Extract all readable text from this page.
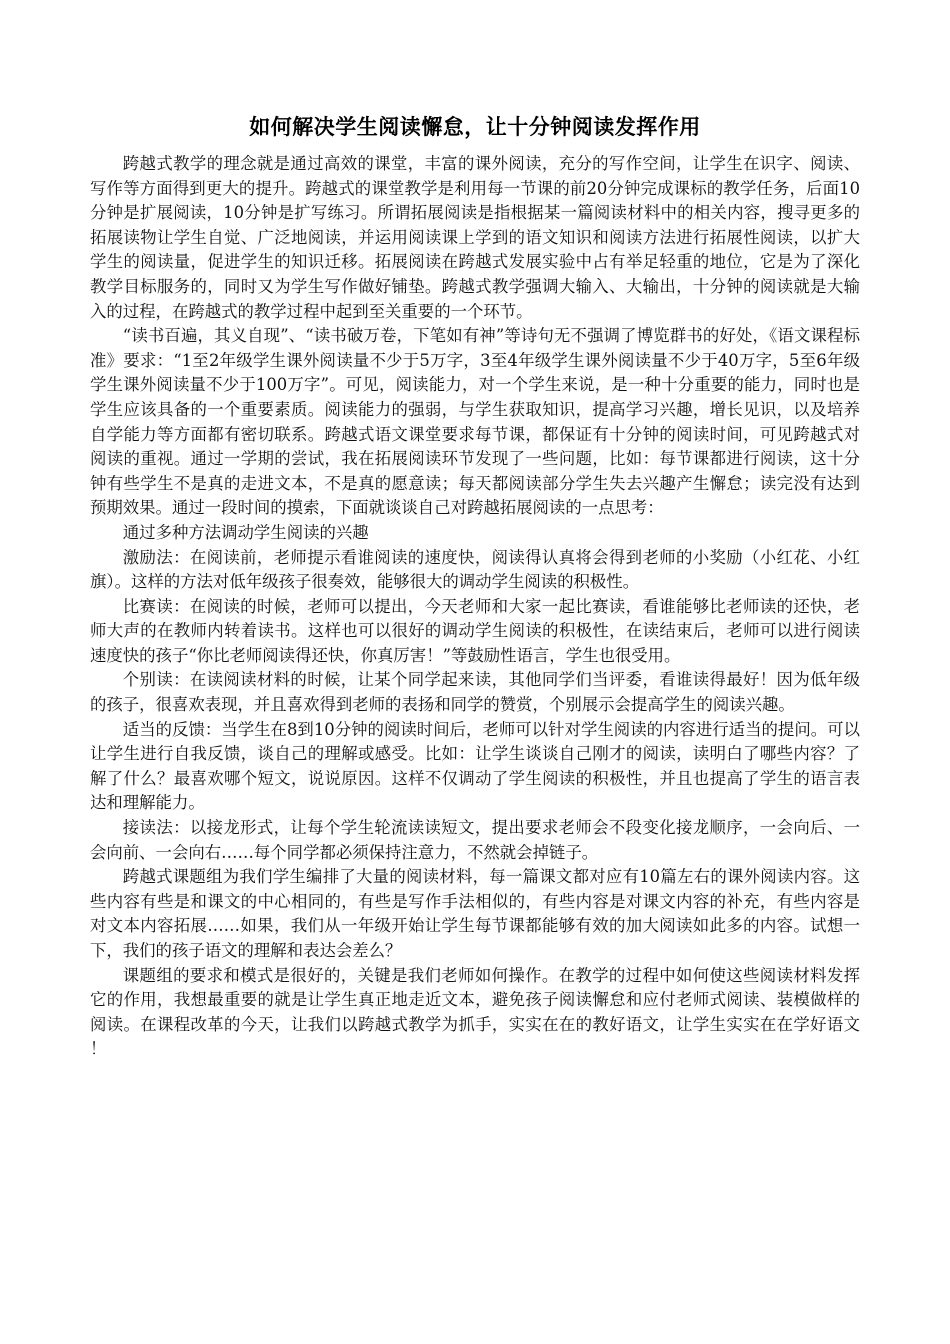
如何解决学生阅读懈怠，让十分钟阅读发挥作用

跨越式教学的理念就是通过高效的课堂，丰富的课外阅读，充分的写作空间，让学生在识字、阅读、写作等方面得到更大的提升。跨越式的课堂教学是利用每一节课的前20分钟完成课标的教学任务，后面10分钟是扩展阅读，10分钟是扩写练习。所谓拓展阅读是指根据某一篇阅读材料中的相关内容，搜寻更多的拓展读物让学生自觉、广泛地阅读，并运用阅读课上学到的语文知识和阅读方法进行拓展性阅读，以扩大学生的阅读量，促进学生的知识迁移。拓展阅读在跨越式发展实验中占有举足轻重的地位，它是为了深化教学目标服务的，同时又为学生写作做好铺垫。跨越式教学强调大输入、大输出，十分钟的阅读就是大输入的过程，在跨越式的教学过程中起到至关重要的一个环节。

“读书百遍，其义自现”、“读书破万卷，下笔如有神”等诗句无不强调了博览群书的好处，《语文课程标准》要求：“1至2年级学生课外阅读量不少于5万字，3至4年级学生课外阅读量不少于40万字，5至6年级学生课外阅读量不少于100万字”。可见，阅读能力，对一个学生来说，是一种十分重要的能力，同时也是学生应该具备的一个重要素质。阅读能力的强弱，与学生获取知识，提高学习兴趣，增长见识，以及培养自学能力等方面都有密切联系。跨越式语文课堂要求每节课，都保证有十分钟的阅读时间，可见跨越式对阅读的重视。通过一学期的尝试，我在拓展阅读环节发现了一些问题，比如：每节课都进行阅读，这十分钟有些学生不是真的走进文本，不是真的愿意读；每天都阅读部分学生失去兴趣产生懈怠；读完没有达到预期效果。通过一段时间的摸索，下面就谈谈自己对跨越拓展阅读的一点思考：

通过多种方法调动学生阅读的兴趣

激励法：在阅读前，老师提示看谁阅读的速度快，阅读得认真将会得到老师的小奖励（小红花、小红旗）。这样的方法对低年级孩子很奏效，能够很大的调动学生阅读的积极性。

比赛读：在阅读的时候，老师可以提出，今天老师和大家一起比赛读，看谁能够比老师读的还快，老师大声的在教师内转着读书。这样也可以很好的调动学生阅读的积极性，在读结束后，老师可以进行阅读速度快的孩子“你比老师阅读得还快，你真厉害！”等鼓励性语言，学生也很受用。

个别读：在读阅读材料的时候，让某个同学起来读，其他同学们当评委，看谁读得最好！因为低年级的孩子，很喜欢表现，并且喜欢得到老师的表扬和同学的赞赏，个别展示会提高学生的阅读兴趣。

适当的反馈：当学生在8到10分钟的阅读时间后，老师可以针对学生阅读的内容进行适当的提问。可以让学生进行自我反馈，谈自己的理解或感受。比如：让学生谈谈自己刚才的阅读，读明白了哪些内容？了解了什么？最喜欢哪个短文，说说原因。这样不仅调动了学生阅读的积极性，并且也提高了学生的语言表达和理解能力。

接读法：以接龙形式，让每个学生轮流读读短文，提出要求老师会不段变化接龙顺序，一会向后、一会向前、一会向右……每个同学都必须保持注意力，不然就会掉链子。

跨越式课题组为我们学生编排了大量的阅读材料，每一篇课文都对应有10篇左右的课外阅读内容。这些内容有些是和课文的中心相同的，有些是写作手法相似的，有些内容是对课文内容的补充，有些内容是对文本内容拓展……如果，我们从一年级开始让学生每节课都能够有效的加大阅读如此多的内容。试想一下，我们的孩子语文的理解和表达会差么？

课题组的要求和模式是很好的，关键是我们老师如何操作。在教学的过程中如何使这些阅读材料发挥它的作用，我想最重要的就是让学生真正地走近文本，避免孩子阅读懈怠和应付老师式阅读、装模做样的阅读。在课程改革的今天，让我们以跨越式教学为抓手，实实在在的教好语文，让学生实实在在学好语文！
